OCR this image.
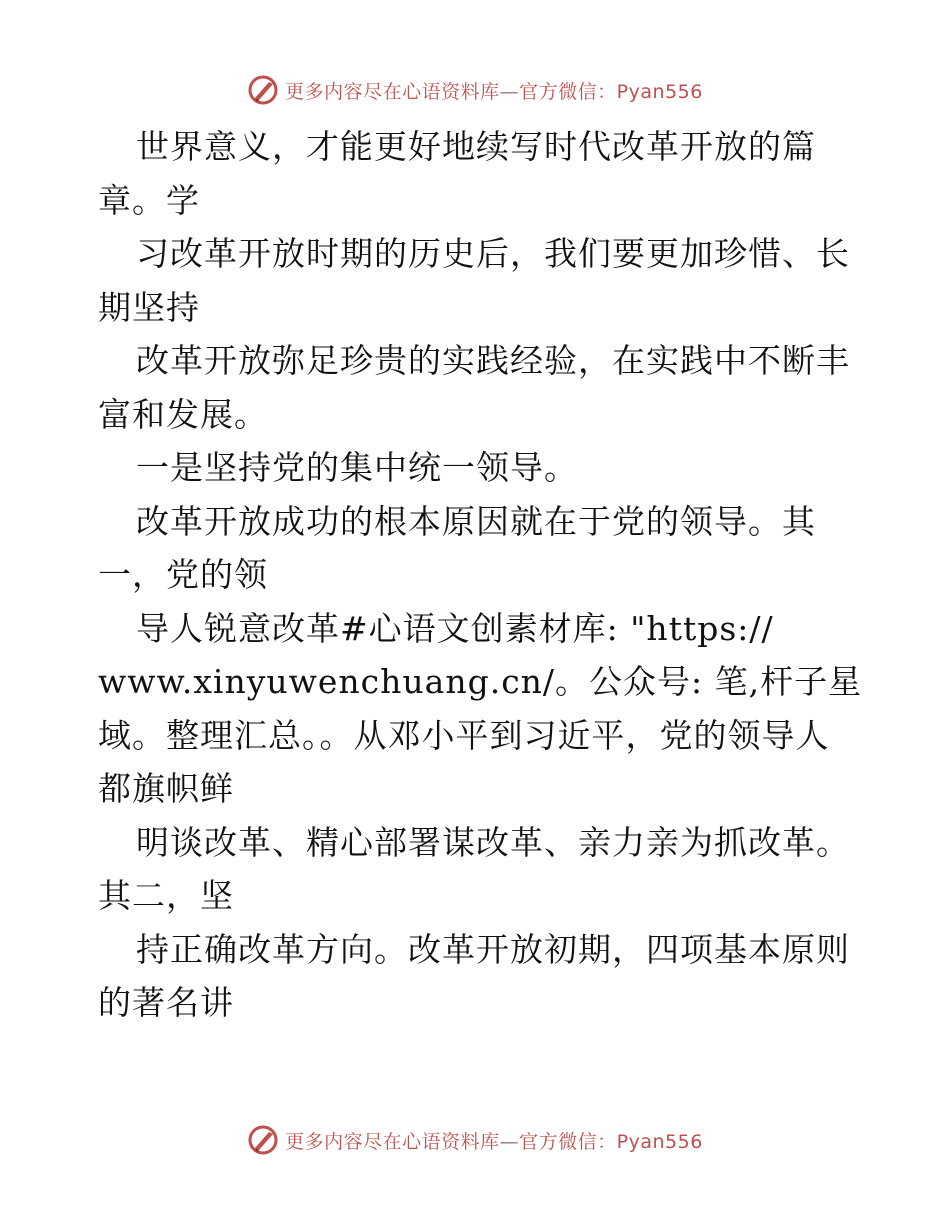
更多内容尽在心语资料库—官方微信：Pyan556
世界意义，才能更好地续写时代改革开放的篇
章。学
习改革开放时期的历史后，我们要更加珍惜、长
期坚持
改革开放弥足珍贵的实践经验，在实践中不断丰
富和发展。
一是坚持党的集中统一领导。
改革开放成功的根本原因就在于党的领导。其
一，党的领
导人锐意改革#心语文创素材库: "https://
www.xinyuwenchuang.cn/。公众号: 笔,杆子星
域。整理汇总。。从邓小平到习近平，党的领导人
都旗帜鲜
明谈改革、精心部署谋改革、亲力亲为抓改革。
其二，坚
持正确改革方向。改革开放初期，四项基本原则
的著名讲
更多内容尽在心语资料库—官方微信：Pyan556
